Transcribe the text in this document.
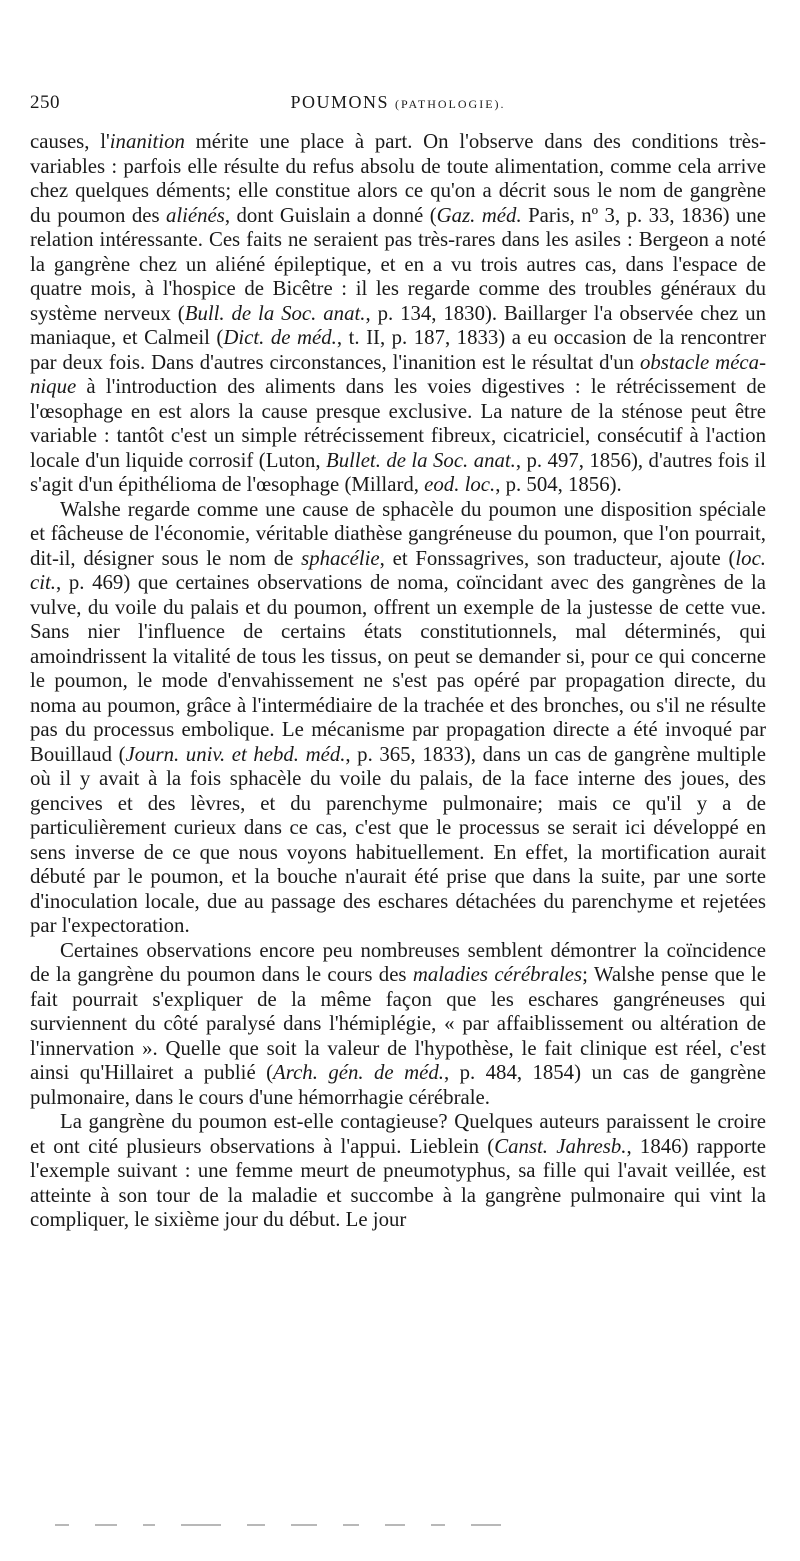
250	POUMONS (PATHOLOGIE).

causes, l'inanition mérite une place à part. On l'observe dans des conditions très-variables : parfois elle résulte du refus absolu de toute alimentation, comme cela arrive chez quelques déments; elle constitue alors ce qu'on a décrit sous le nom de gangrène du poumon des aliénés, dont Guislain a donné (Gaz. méd. Paris, nº 3, p. 33, 1836) une relation intéressante. Ces faits ne seraient pas très-rares dans les asiles : Bergeon a noté la gangrène chez un aliéné épileptique, et en a vu trois autres cas, dans l'espace de quatre mois, à l'hospice de Bicêtre : il les regarde comme des troubles généraux du système nerveux (Bull. de la Soc. anat., p. 134, 1830). Baillarger l'a observée chez un maniaque, et Calmeil (Dict. de méd., t. II, p. 187, 1833) a eu occasion de la rencontrer par deux fois. Dans d'autres circonstances, l'inanition est le résultat d'un obstacle mécanique à l'introduction des aliments dans les voies digestives : le rétrécissement de l'œsophage en est alors la cause presque exclusive. La nature de la sténose peut être variable : tantôt c'est un simple rétrécissement fibreux, cicatriciel, consécutif à l'action locale d'un liquide corrosif (Luton, Bullet. de la Soc. anat., p. 497, 1856), d'autres fois il s'agit d'un épithélioma de l'œsophage (Millard, eod. loc., p. 504, 1856).

Walshe regarde comme une cause de sphacèle du poumon une disposition spéciale et fâcheuse de l'économie, véritable diathèse gangréneuse du poumon, que l'on pourrait, dit-il, désigner sous le nom de sphacélie, et Fonssagrives, son traducteur, ajoute (loc. cit., p. 469) que certaines observations de noma, coïncidant avec des gangrènes de la vulve, du voile du palais et du poumon, offrent un exemple de la justesse de cette vue. Sans nier l'influence de certains états constitutionnels, mal déterminés, qui amoindrissent la vitalité de tous les tissus, on peut se demander si, pour ce qui concerne le poumon, le mode d'envahissement ne s'est pas opéré par propagation directe, du noma au poumon, grâce à l'intermédiaire de la trachée et des bronches, ou s'il ne résulte pas du processus embolique. Le mécanisme par propagation directe a été invoqué par Bouillaud (Journ. univ. et hebd. méd., p. 365, 1833), dans un cas de gangrène multiple où il y avait à la fois sphacèle du voile du palais, de la face interne des joues, des gencives et des lèvres, et du parenchyme pulmonaire; mais ce qu'il y a de particulièrement curieux dans ce cas, c'est que le processus se serait ici développé en sens inverse de ce que nous voyons habituellement. En effet, la mortification aurait débuté par le poumon, et la bouche n'aurait été prise que dans la suite, par une sorte d'inoculation locale, due au passage des eschares détachées du parenchyme et rejetées par l'expectoration.

Certaines observations encore peu nombreuses semblent démontrer la coïncidence de la gangrène du poumon dans le cours des maladies cérébrales; Walshe pense que le fait pourrait s'expliquer de la même façon que les eschares gangréneuses qui surviennent du côté paralysé dans l'hémiplégie, « par affaiblissement ou altération de l'innervation ». Quelle que soit la valeur de l'hypothèse, le fait clinique est réel, c'est ainsi qu'Hillairet a publié (Arch. gén. de méd., p. 484, 1854) un cas de gangrène pulmonaire, dans le cours d'une hémorrhagie cérébrale.

La gangrène du poumon est-elle contagieuse? Quelques auteurs paraissent le croire et ont cité plusieurs observations à l'appui. Lieblein (Canst. Jahresb., 1846) rapporte l'exemple suivant : une femme meurt de pneumotyphus, sa fille qui l'avait veillée, est atteinte à son tour de la maladie et succombe à la gangrène pulmonaire qui vint la compliquer, le sixième jour du début. Le jour
